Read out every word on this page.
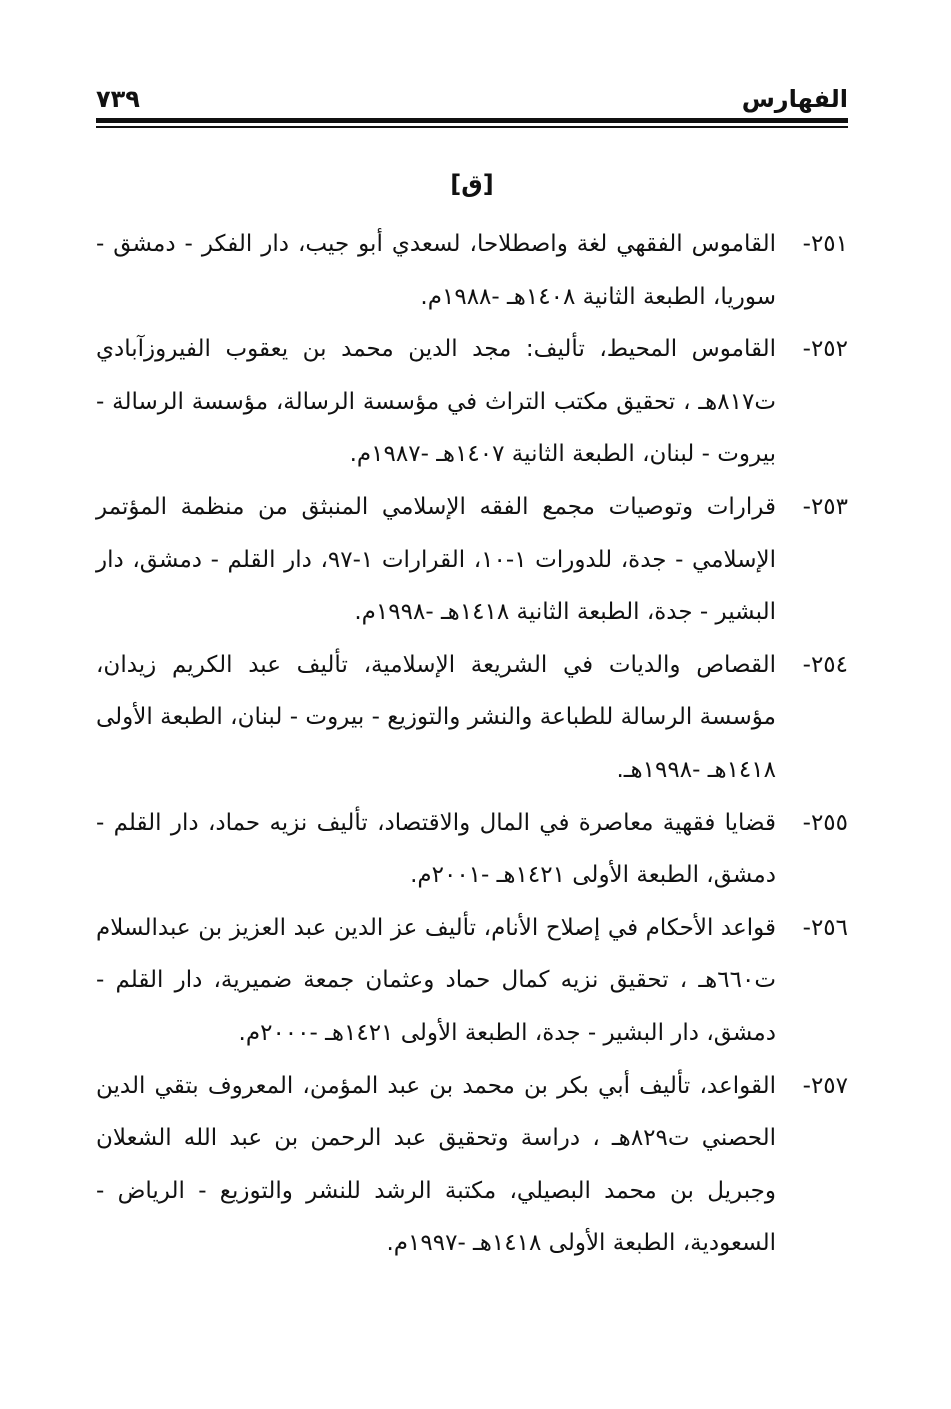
الفهارس
٧٣٩
[ق]

٢٥١-القاموس الفقهي لغة واصطلاحا، لسعدي أبو جيب، دار الفكر - دمشق - سوريا، الطبعة الثانية ١٤٠٨هـ -١٩٨٨م.

٢٥٢-القاموس المحيط، تأليف: مجد الدين محمد بن يعقوب الفيروزآبادي ت٨١٧هـ ، تحقيق مكتب التراث في مؤسسة الرسالة، مؤسسة الرسالة - بيروت - لبنان، الطبعة الثانية ١٤٠٧هـ -١٩٨٧م.

٢٥٣-قرارات وتوصيات مجمع الفقه الإسلامي المنبثق من منظمة المؤتمر الإسلامي - جدة، للدورات ١-١٠، القرارات ١-٩٧، دار القلم - دمشق، دار البشير - جدة، الطبعة الثانية ١٤١٨هـ -١٩٩٨م.

٢٥٤-القصاص والديات في الشريعة الإسلامية، تأليف عبد الكريم زيدان، مؤسسة الرسالة للطباعة والنشر والتوزيع - بيروت - لبنان، الطبعة الأولى ١٤١٨هـ -١٩٩٨هـ.

٢٥٥-قضايا فقهية معاصرة في المال والاقتصاد، تأليف نزيه حماد، دار القلم - دمشق، الطبعة الأولى ١٤٢١هـ -٢٠٠١م.

٢٥٦-قواعد الأحكام في إصلاح الأنام، تأليف عز الدين عبد العزيز بن عبدالسلام ت٦٦٠هـ ، تحقيق نزيه كمال حماد وعثمان جمعة ضميرية، دار القلم - دمشق، دار البشير - جدة، الطبعة الأولى ١٤٢١هـ -٢٠٠٠م.

٢٥٧-القواعد، تأليف أبي بكر بن محمد بن عبد المؤمن، المعروف بتقي الدين الحصني ت٨٢٩هـ ، دراسة وتحقيق عبد الرحمن بن عبد الله الشعلان وجبريل بن محمد البصيلي، مكتبة الرشد للنشر والتوزيع - الرياض - السعودية، الطبعة الأولى ١٤١٨هـ -١٩٩٧م.
